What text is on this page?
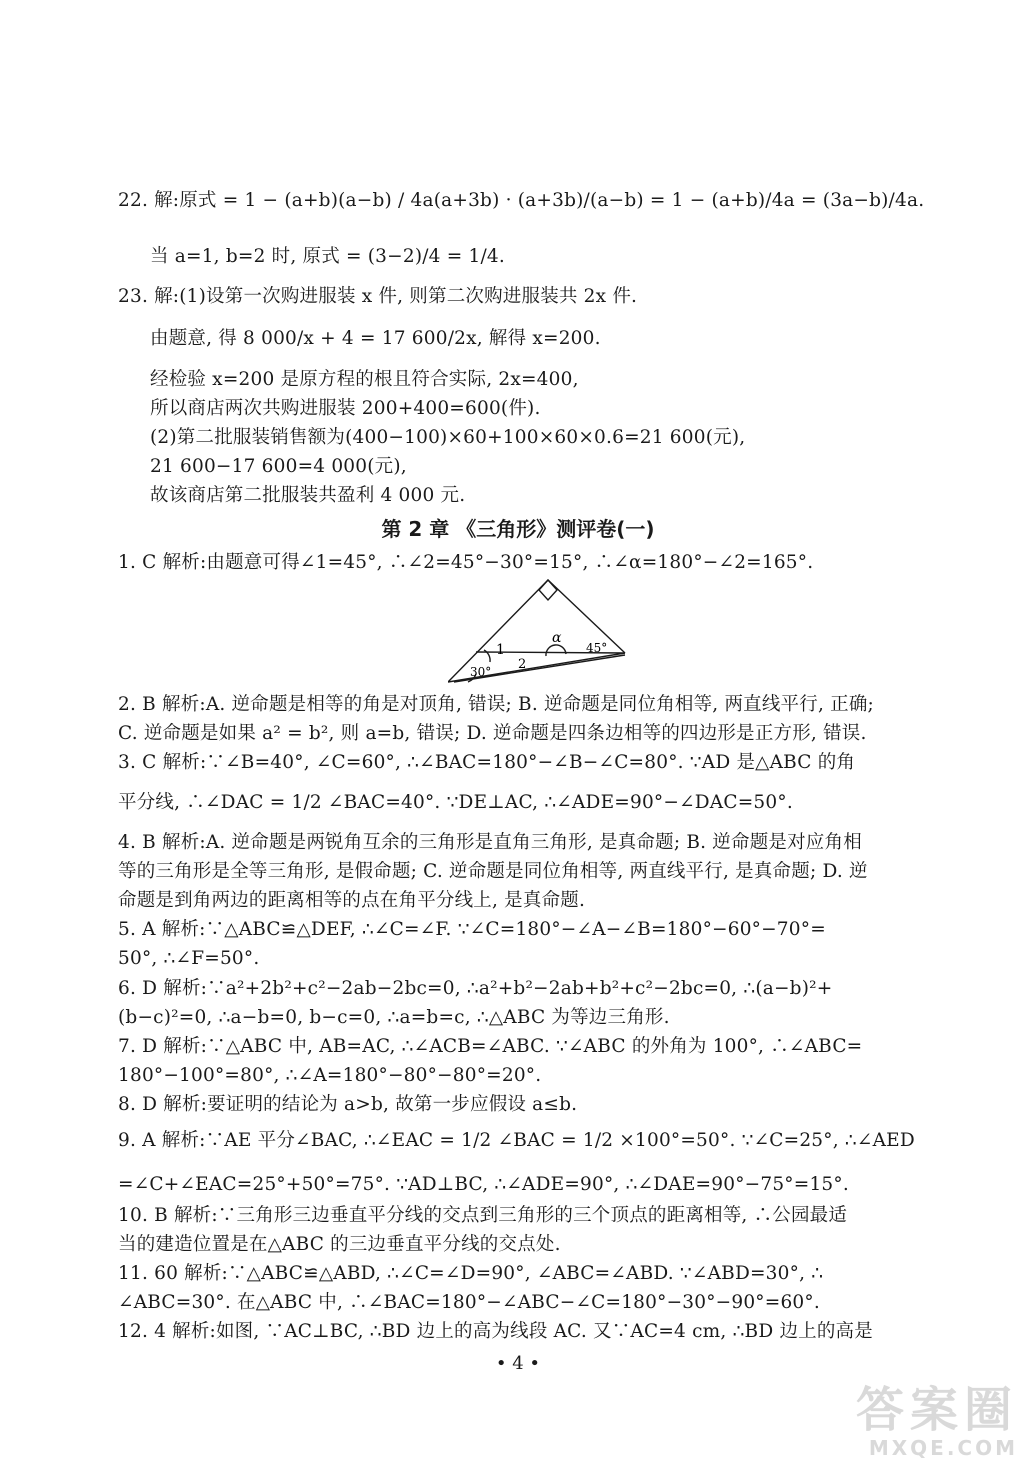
22. 解:原式 = 1 − (a+b)(a−b) / 4a(a+3b) · (a+3b)/(a−b) = 1 − (a+b)/4a = (3a−b)/4a.
当 a=1, b=2 时, 原式 = (3−2)/4 = 1/4.
23. 解:(1)设第一次购进服装 x 件, 则第二次购进服装共 2x 件.
由题意, 得 8 000/x + 4 = 17 600/2x, 解得 x=200.
经检验 x=200 是原方程的根且符合实际, 2x=400,
所以商店两次共购进服装 200+400=600(件).
(2)第二批服装销售额为(400−100)×60+100×60×0.6=21 600(元),
21 600−17 600=4 000(元),
故该商店第二批服装共盈利 4 000 元.
第 2 章 《三角形》测评卷(一)
1. C 解析:由题意可得∠1=45°, ∴∠2=45°−30°=15°, ∴∠α=180°−∠2=165°.
1
α
2
45°
30°
2. B 解析:A. 逆命题是相等的角是对顶角, 错误; B. 逆命题是同位角相等, 两直线平行, 正确;
C. 逆命题是如果 a² = b², 则 a=b, 错误; D. 逆命题是四条边相等的四边形是正方形, 错误.
3. C 解析:∵∠B=40°, ∠C=60°, ∴∠BAC=180°−∠B−∠C=80°. ∵AD 是△ABC 的角
平分线, ∴∠DAC = 1/2 ∠BAC=40°. ∵DE⊥AC, ∴∠ADE=90°−∠DAC=50°.
4. B 解析:A. 逆命题是两锐角互余的三角形是直角三角形, 是真命题; B. 逆命题是对应角相
等的三角形是全等三角形, 是假命题; C. 逆命题是同位角相等, 两直线平行, 是真命题; D. 逆
命题是到角两边的距离相等的点在角平分线上, 是真命题.
5. A 解析:∵△ABC≌△DEF, ∴∠C=∠F. ∵∠C=180°−∠A−∠B=180°−60°−70°=
50°, ∴∠F=50°.
6. D 解析:∵a²+2b²+c²−2ab−2bc=0, ∴a²+b²−2ab+b²+c²−2bc=0, ∴(a−b)²+
(b−c)²=0, ∴a−b=0, b−c=0, ∴a=b=c, ∴△ABC 为等边三角形.
7. D 解析:∵△ABC 中, AB=AC, ∴∠ACB=∠ABC. ∵∠ABC 的外角为 100°, ∴∠ABC=
180°−100°=80°, ∴∠A=180°−80°−80°=20°.
8. D 解析:要证明的结论为 a>b, 故第一步应假设 a≤b.
9. A 解析:∵AE 平分∠BAC, ∴∠EAC = 1/2 ∠BAC = 1/2 ×100°=50°. ∵∠C=25°, ∴∠AED
=∠C+∠EAC=25°+50°=75°. ∵AD⊥BC, ∴∠ADE=90°, ∴∠DAE=90°−75°=15°.
10. B 解析:∵三角形三边垂直平分线的交点到三角形的三个顶点的距离相等, ∴公园最适
当的建造位置是在△ABC 的三边垂直平分线的交点处.
11. 60 解析:∵△ABC≌△ABD, ∴∠C=∠D=90°, ∠ABC=∠ABD. ∵∠ABD=30°, ∴
∠ABC=30°. 在△ABC 中, ∴∠BAC=180°−∠ABC−∠C=180°−30°−90°=60°.
12. 4 解析:如图, ∵AC⊥BC, ∴BD 边上的高为线段 AC. 又∵AC=4 cm, ∴BD 边上的高是
• 4 •
答案圈
MXQE.COM
